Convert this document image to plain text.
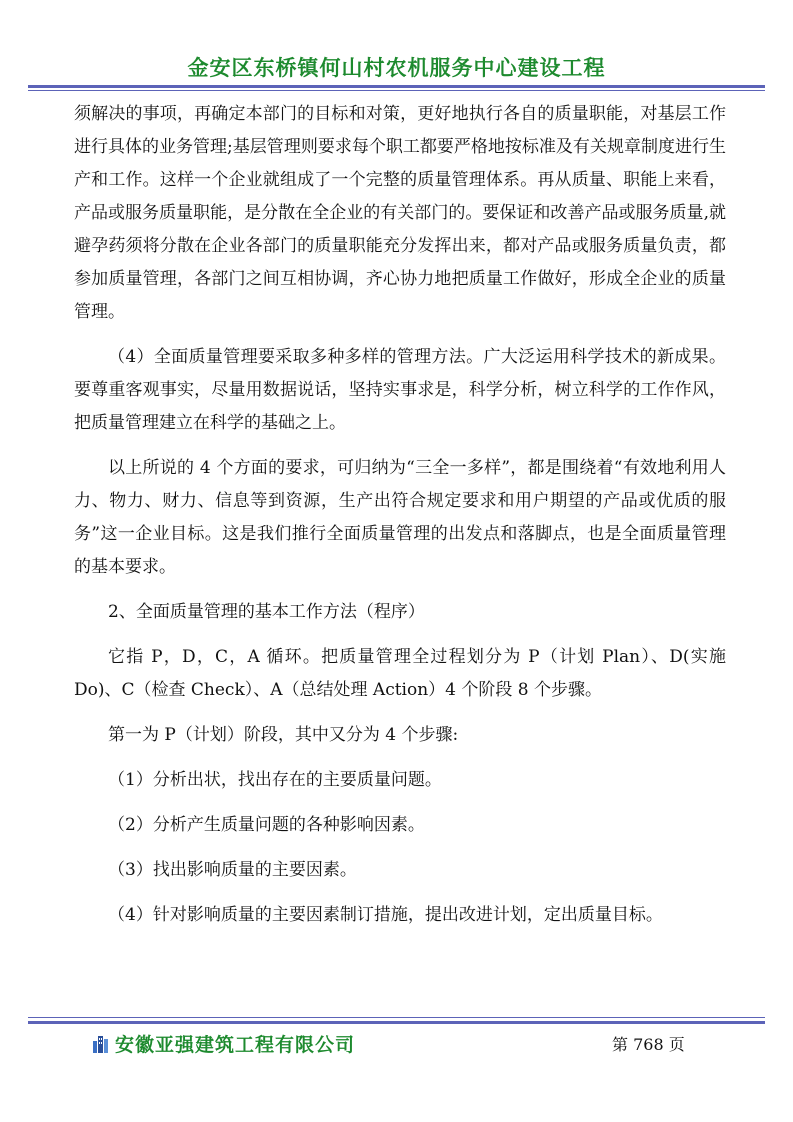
金安区东桥镇何山村农机服务中心建设工程

须解决的事项，再确定本部门的目标和对策，更好地执行各自的质量职能，对基层工作进行具体的业务管理;基层管理则要求每个职工都要严格地按标准及有关规章制度进行生产和工作。这样一个企业就组成了一个完整的质量管理体系。再从质量、职能上来看，产品或服务质量职能，是分散在全企业的有关部门的。要保证和改善产品或服务质量,就避孕药须将分散在企业各部门的质量职能充分发挥出来，都对产品或服务质量负责，都参加质量管理，各部门之间互相协调，齐心协力地把质量工作做好，形成全企业的质量管理。

（4）全面质量管理要采取多种多样的管理方法。广大泛运用科学技术的新成果。要尊重客观事实，尽量用数据说话，坚持实事求是，科学分析，树立科学的工作作风，把质量管理建立在科学的基础之上。

以上所说的 4 个方面的要求，可归纳为“三全一多样”，都是围绕着“有效地利用人力、物力、财力、信息等到资源，生产出符合规定要求和用户期望的产品或优质的服务”这一企业目标。这是我们推行全面质量管理的出发点和落脚点，也是全面质量管理的基本要求。

2、全面质量管理的基本工作方法（程序）

它指 P，D，C，A 循环。把质量管理全过程划分为 P（计划 Plan）、D(实施 Do)、C（检查 Check）、A（总结处理 Action）4 个阶段 8 个步骤。

第一为 P（计划）阶段，其中又分为 4 个步骤:

（1）分析出状，找出存在的主要质量问题。

（2）分析产生质量问题的各种影响因素。

（3）找出影响质量的主要因素。

（4）针对影响质量的主要因素制订措施，提出改进计划，定出质量目标。

安徽亚强建筑工程有限公司	第 768 页
